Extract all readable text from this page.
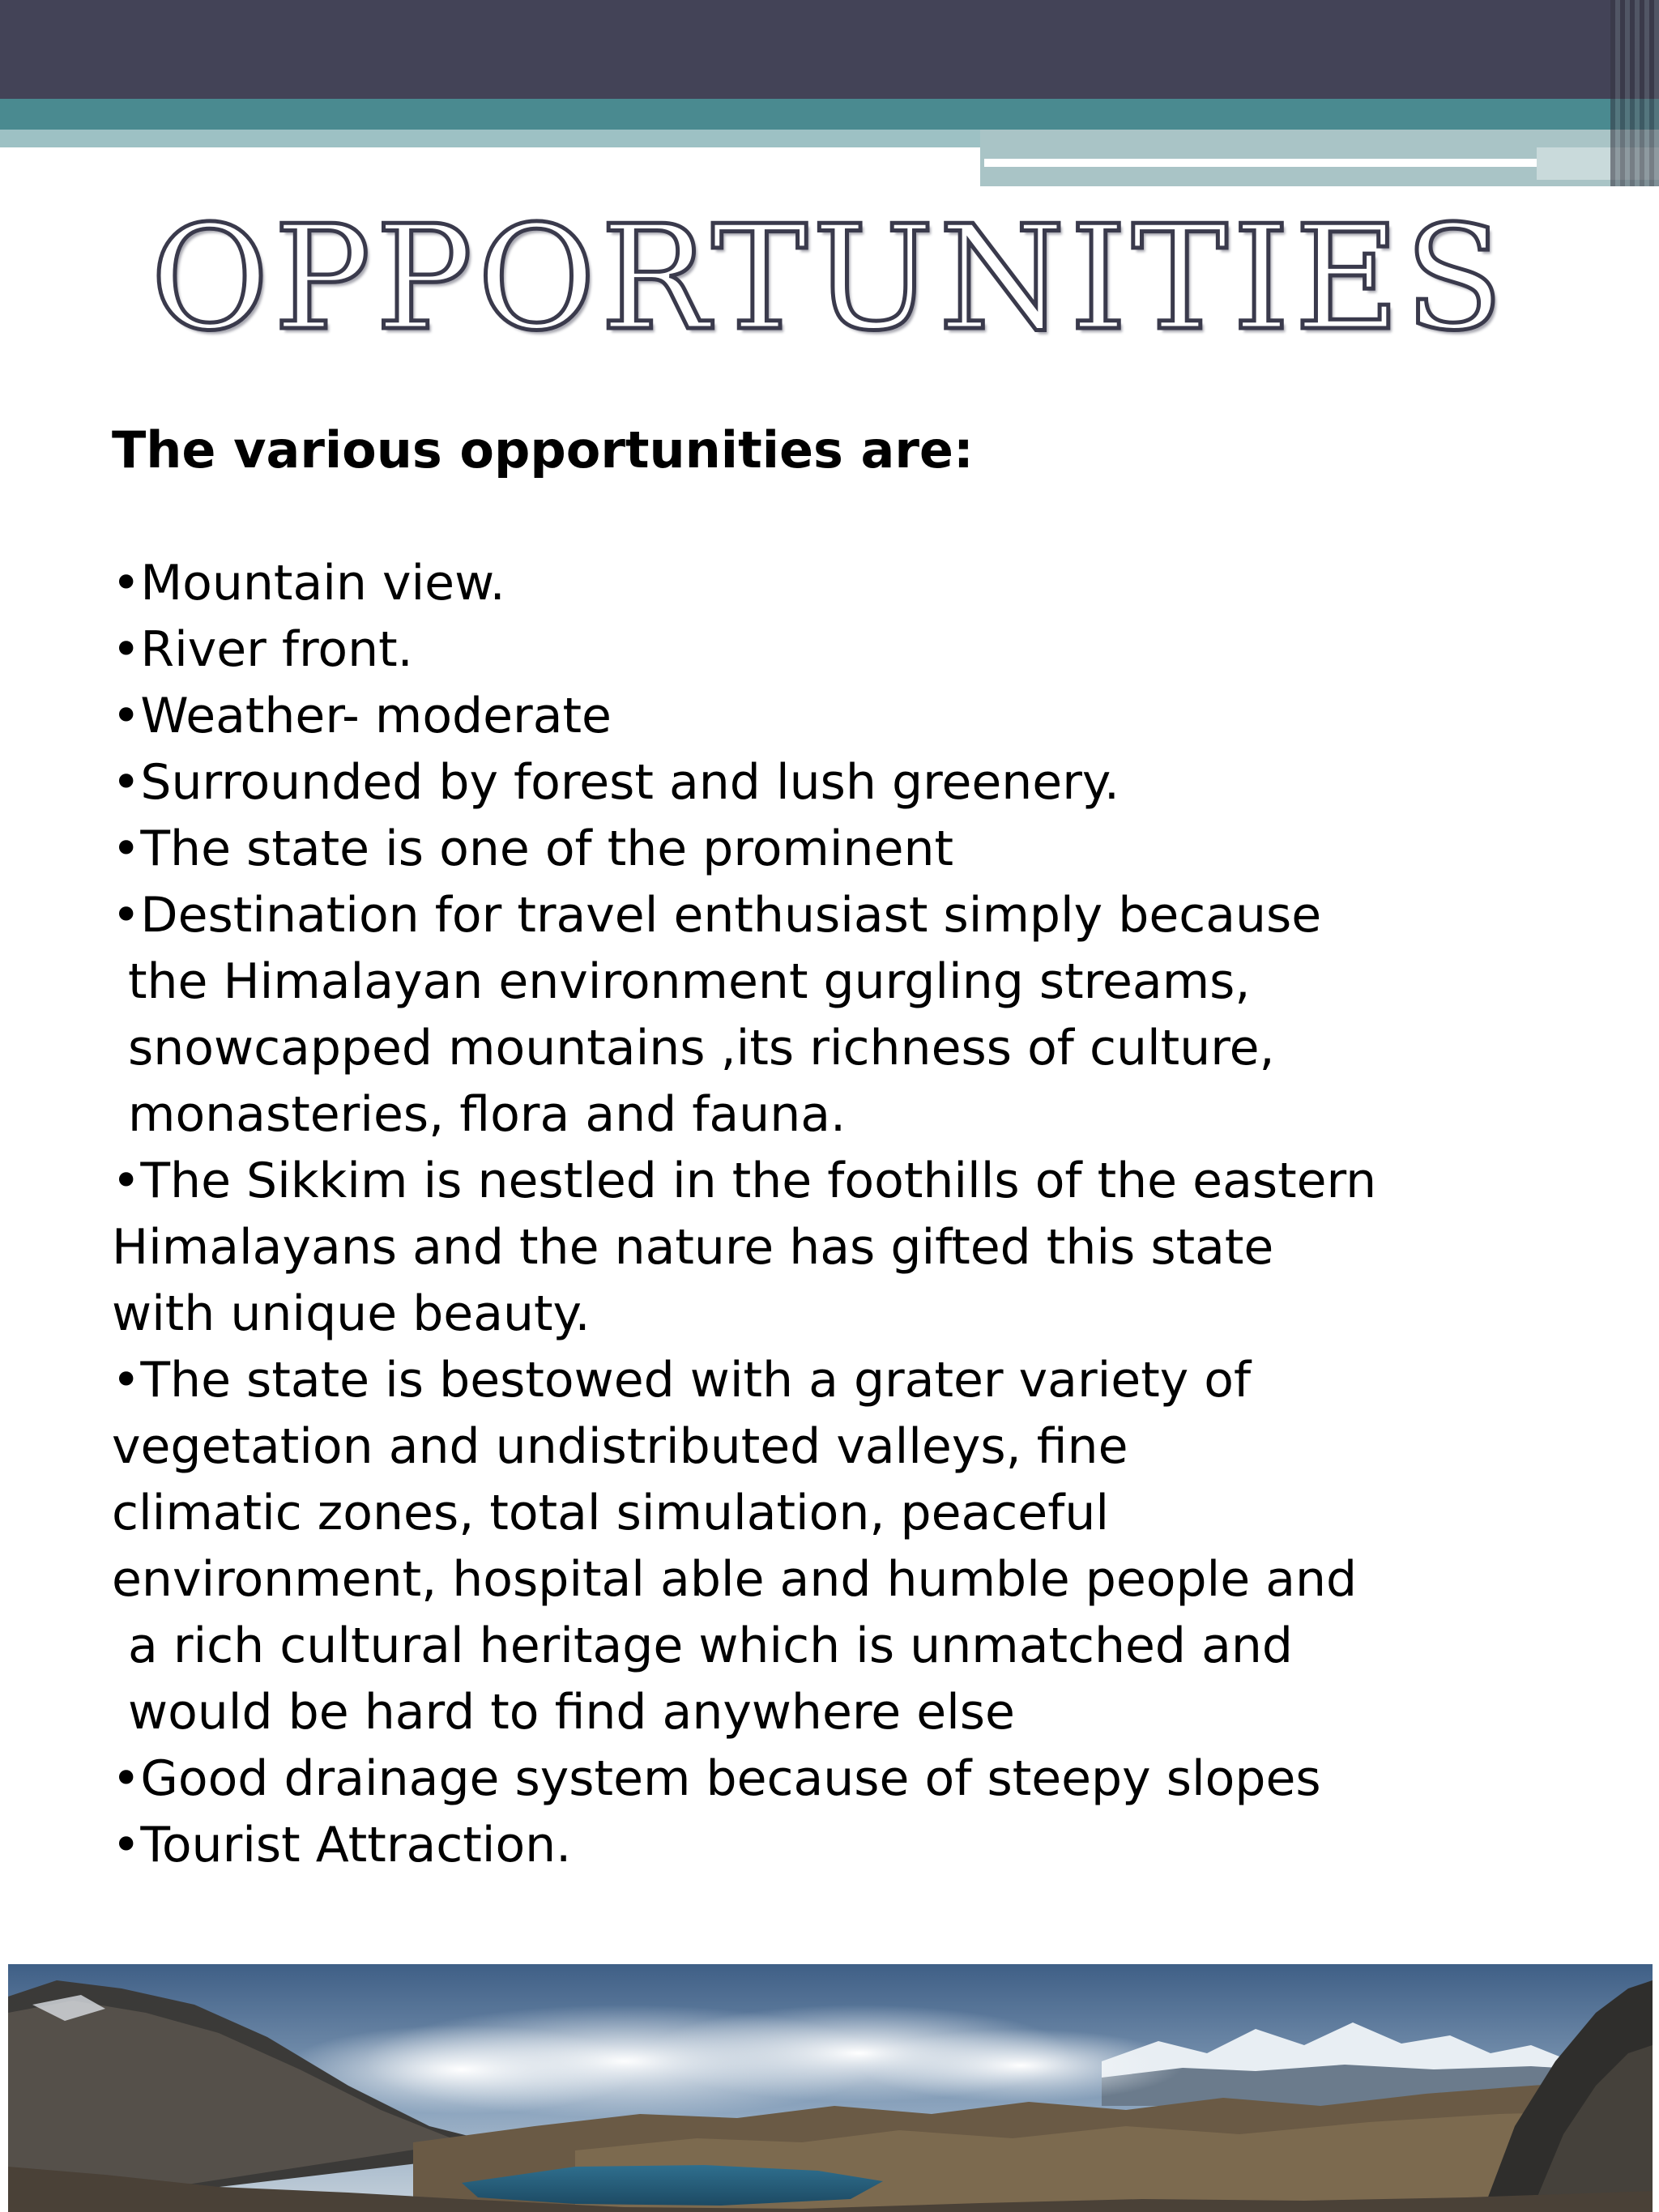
OPPORTUNITIES
The various opportunities are:
•Mountain view.
•River front.
•Weather- moderate
•Surrounded by forest and lush greenery.
•The state is one of the prominent
•Destination for travel enthusiast simply because
the Himalayan environment gurgling streams,
snowcapped mountains ,its richness of culture,
monasteries, flora and fauna.
•The Sikkim is nestled in the foothills of the eastern
Himalayans and the nature has gifted this state
with unique beauty.
•The state is bestowed with a grater variety of
vegetation and undistributed valleys, fine
climatic zones, total simulation, peaceful
environment, hospital able and humble people and
a rich cultural heritage which is unmatched and
would be hard to find anywhere else
•Good drainage system because of steepy slopes
•Tourist Attraction.
